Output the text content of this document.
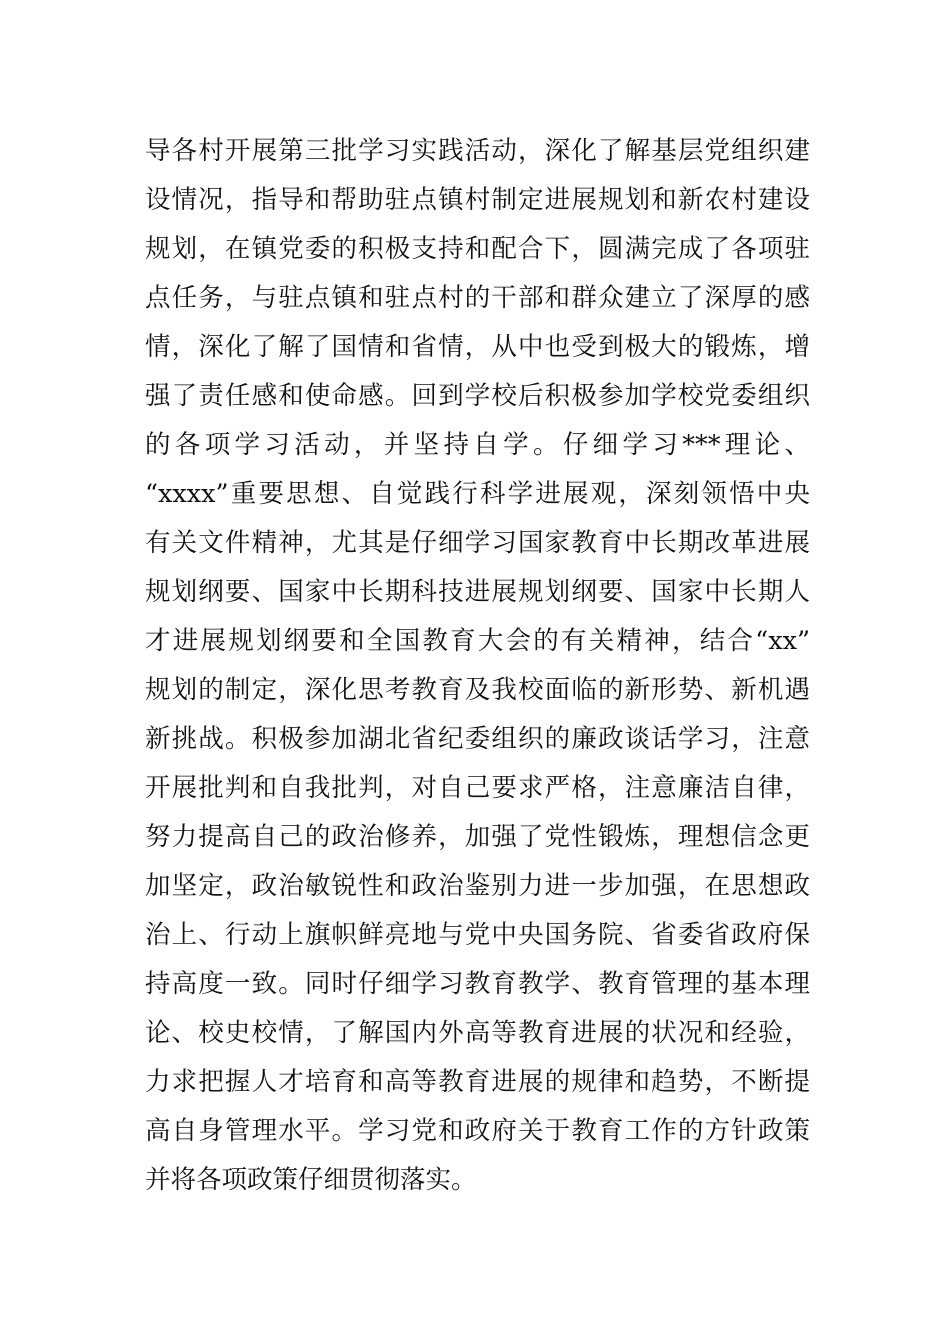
导各村开展第三批学习实践活动，深化了解基层党组织建
设情况，指导和帮助驻点镇村制定进展规划和新农村建设
规划，在镇党委的积极支持和配合下，圆满完成了各项驻
点任务，与驻点镇和驻点村的干部和群众建立了深厚的感
情，深化了解了国情和省情，从中也受到极大的锻炼，增
强了责任感和使命感。回到学校后积极参加学校党委组织
的各项学习活动，并坚持自学。仔细学习***理论、
“xxxx”重要思想、自觉践行科学进展观，深刻领悟中央
有关文件精神，尤其是仔细学习国家教育中长期改革进展
规划纲要、国家中长期科技进展规划纲要、国家中长期人
才进展规划纲要和全国教育大会的有关精神，结合“xx”
规划的制定，深化思考教育及我校面临的新形势、新机遇
新挑战。积极参加湖北省纪委组织的廉政谈话学习，注意
开展批判和自我批判，对自己要求严格，注意廉洁自律，
努力提高自己的政治修养，加强了党性锻炼，理想信念更
加坚定，政治敏锐性和政治鉴别力进一步加强，在思想政
治上、行动上旗帜鲜亮地与党中央国务院、省委省政府保
持高度一致。同时仔细学习教育教学、教育管理的基本理
论、校史校情，了解国内外高等教育进展的状况和经验，
力求把握人才培育和高等教育进展的规律和趋势，不断提
高自身管理水平。学习党和政府关于教育工作的方针政策
并将各项政策仔细贯彻落实。
